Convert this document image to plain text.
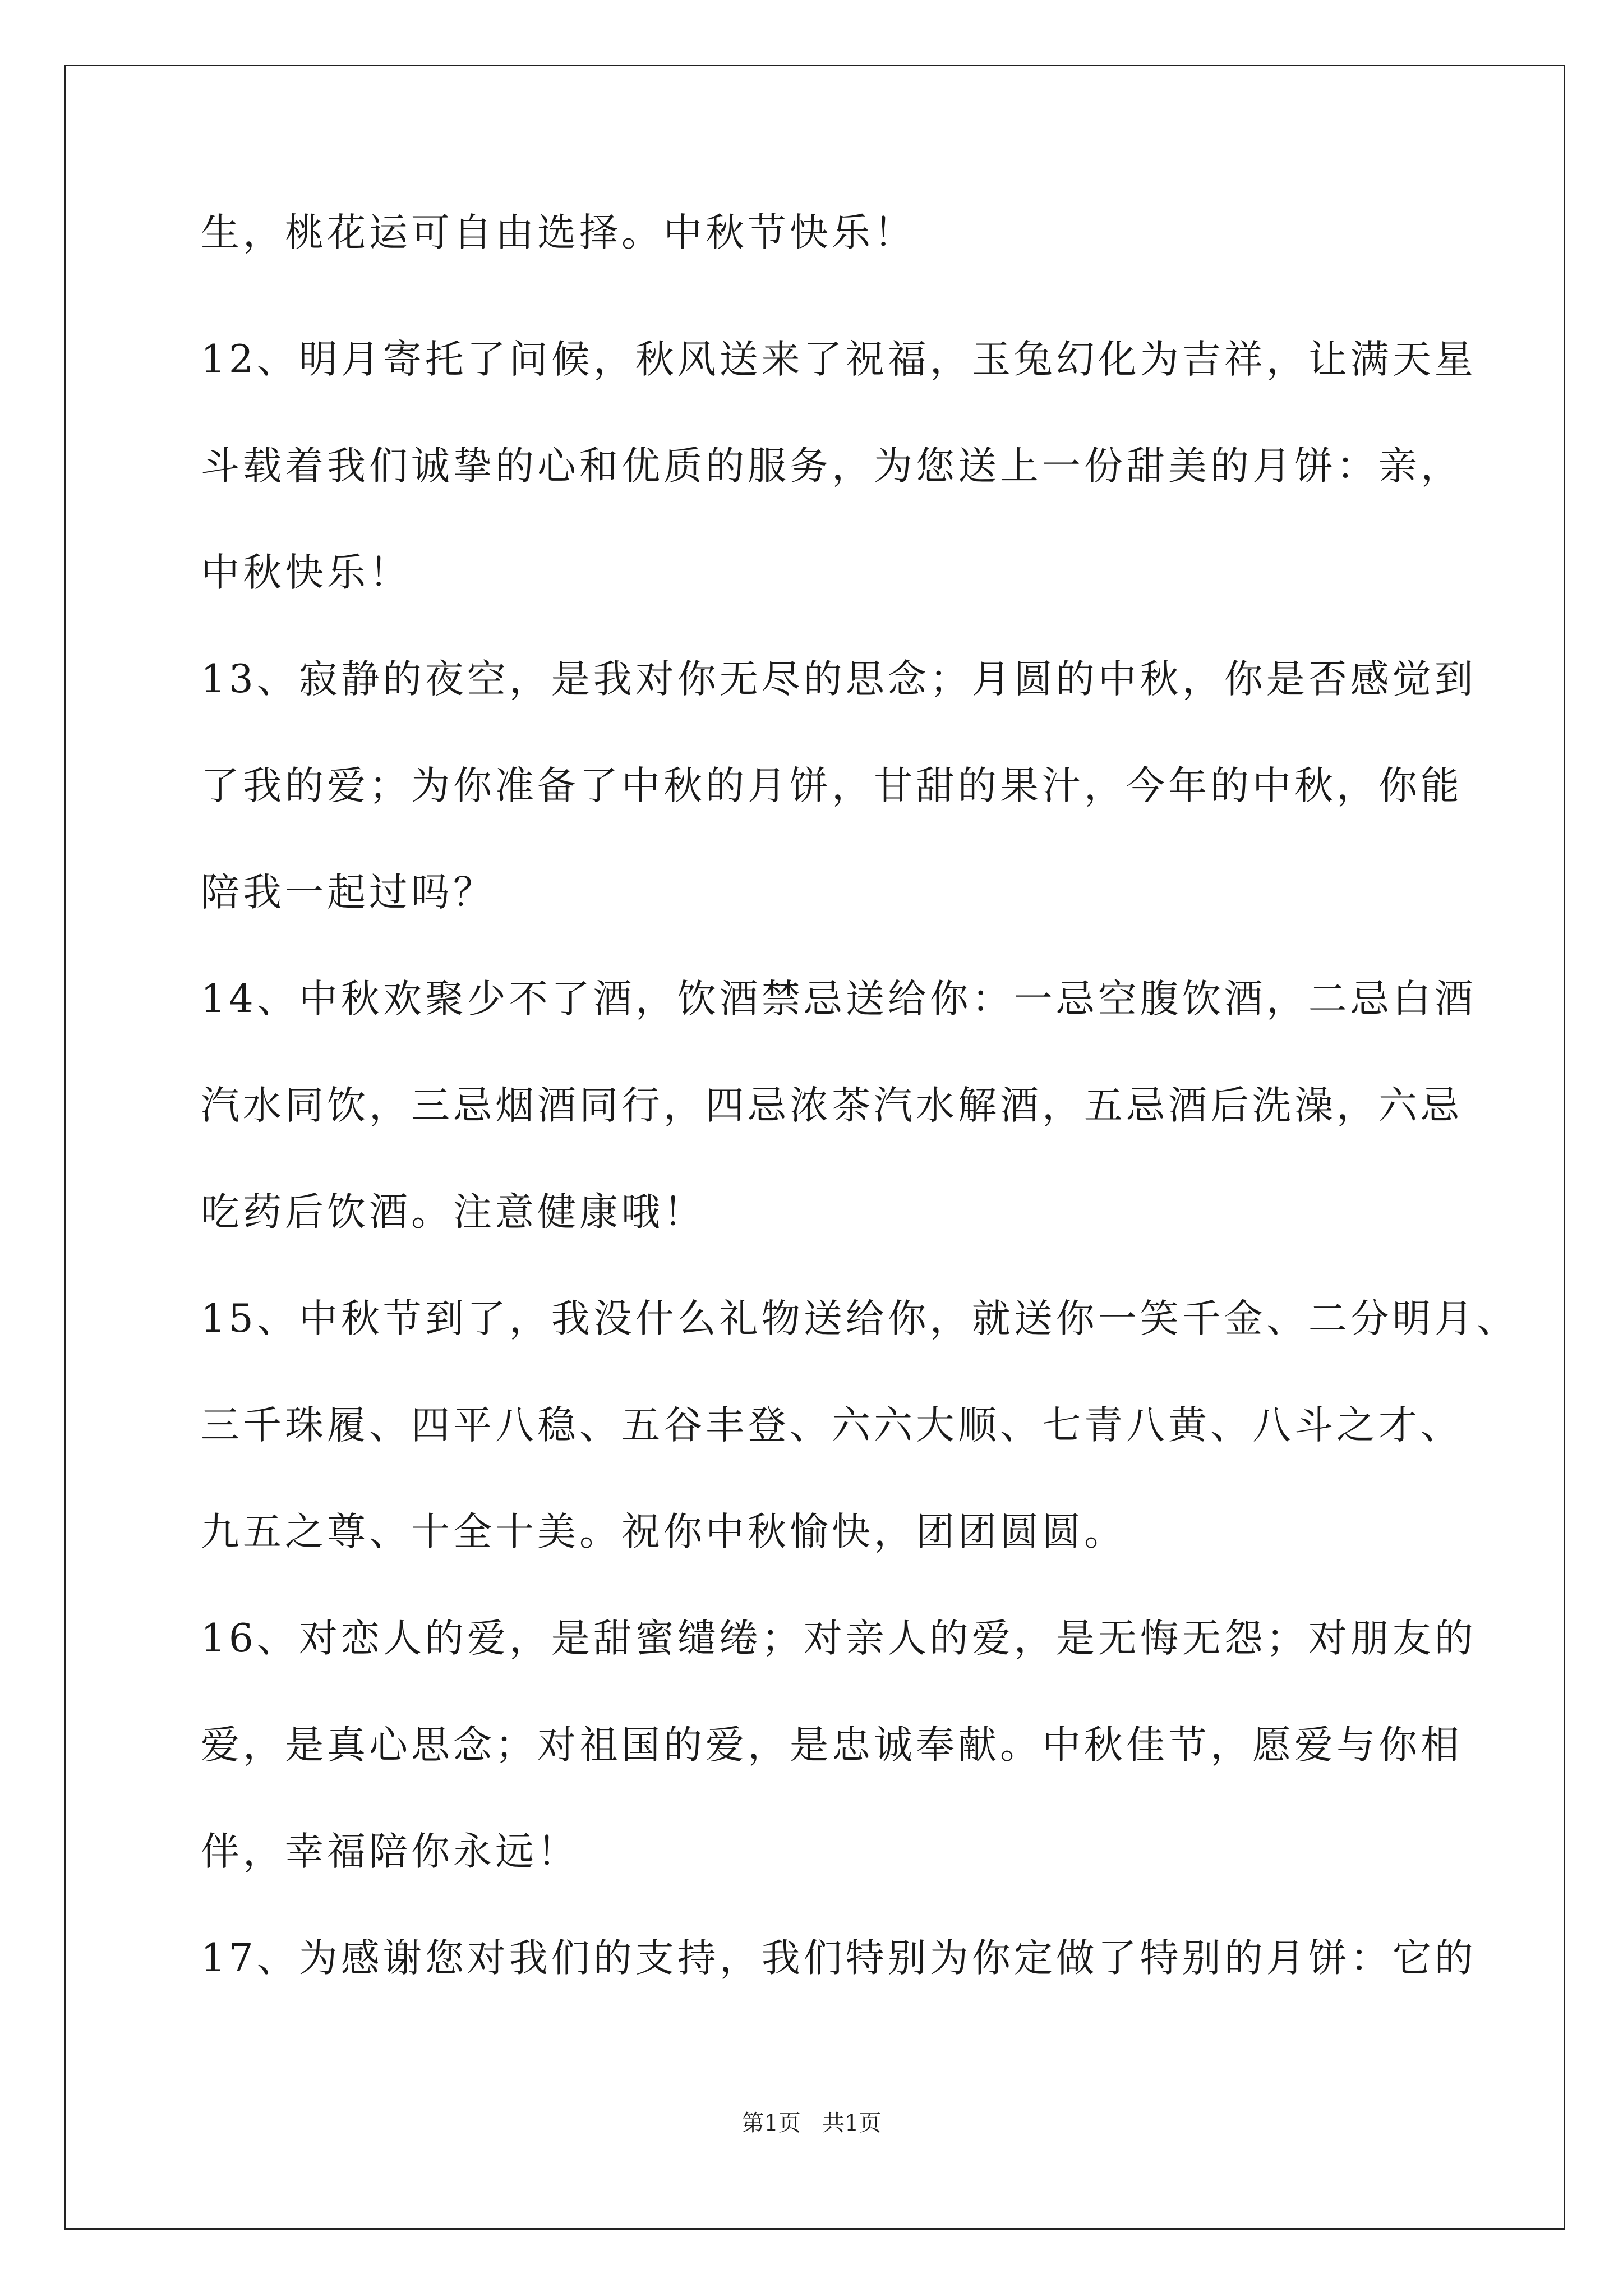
生，桃花运可自由选择。中秋节快乐！

12、明月寄托了问候，秋风送来了祝福，玉兔幻化为吉祥，让满天星

斗载着我们诚挚的心和优质的服务，为您送上一份甜美的月饼：亲，

中秋快乐！

13、寂静的夜空，是我对你无尽的思念；月圆的中秋，你是否感觉到

了我的爱；为你准备了中秋的月饼，甘甜的果汁，今年的中秋，你能

陪我一起过吗？

14、中秋欢聚少不了酒，饮酒禁忌送给你：一忌空腹饮酒，二忌白酒

汽水同饮，三忌烟酒同行，四忌浓茶汽水解酒，五忌酒后洗澡，六忌

吃药后饮酒。注意健康哦！

15、中秋节到了，我没什么礼物送给你，就送你一笑千金、二分明月、

三千珠履、四平八稳、五谷丰登、六六大顺、七青八黄、八斗之才、

九五之尊、十全十美。祝你中秋愉快，团团圆圆。

16、对恋人的爱，是甜蜜缱绻；对亲人的爱，是无悔无怨；对朋友的

爱，是真心思念；对祖国的爱，是忠诚奉献。中秋佳节，愿爱与你相

伴，幸福陪你永远！

17、为感谢您对我们的支持，我们特别为你定做了特别的月饼：它的

第1页   共1页
